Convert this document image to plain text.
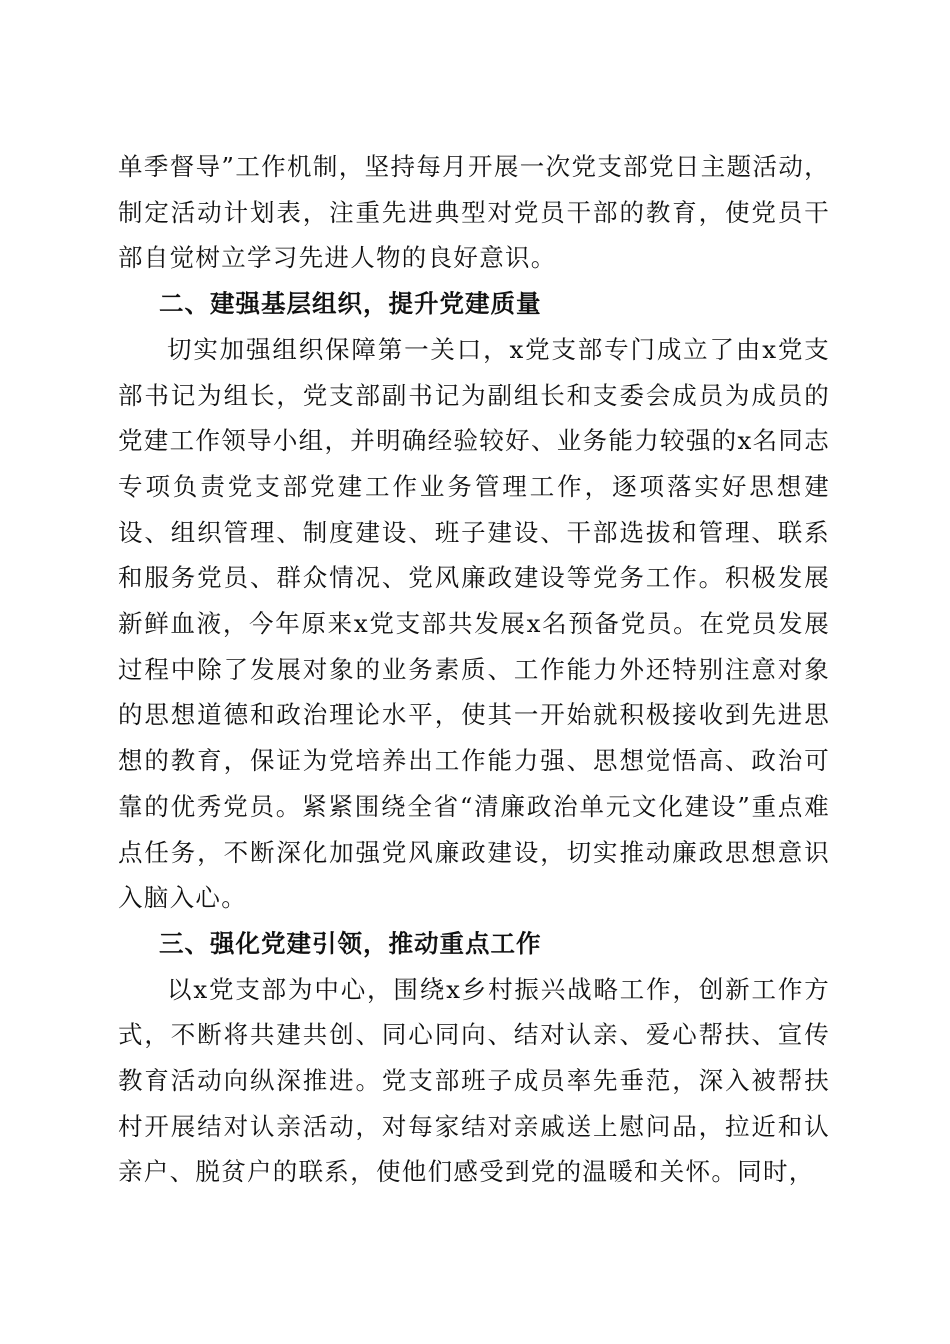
单季督导”工作机制，坚持每月开展一次党支部党日主题活动，制定活动计划表，注重先进典型对党员干部的教育，使党员干部自觉树立学习先进人物的良好意识。

二、建强基层组织，提升党建质量

切实加强组织保障第一关口，x党支部专门成立了由x党支部书记为组长，党支部副书记为副组长和支委会成员为成员的党建工作领导小组，并明确经验较好、业务能力较强的x名同志专项负责党支部党建工作业务管理工作，逐项落实好思想建设、组织管理、制度建设、班子建设、干部选拔和管理、联系和服务党员、群众情况、党风廉政建设等党务工作。积极发展新鲜血液，今年原来x党支部共发展x名预备党员。在党员发展过程中除了发展对象的业务素质、工作能力外还特别注意对象的思想道德和政治理论水平，使其一开始就积极接收到先进思想的教育，保证为党培养出工作能力强、思想觉悟高、政治可靠的优秀党员。紧紧围绕全省“清廉政治单元文化建设”重点难点任务，不断深化加强党风廉政建设，切实推动廉政思想意识入脑入心。

三、强化党建引领，推动重点工作

以x党支部为中心，围绕x乡村振兴战略工作，创新工作方式，不断将共建共创、同心同向、结对认亲、爱心帮扶、宣传教育活动向纵深推进。党支部班子成员率先垂范，深入被帮扶村开展结对认亲活动，对每家结对亲戚送上慰问品，拉近和认亲户、脱贫户的联系，使他们感受到党的温暖和关怀。同时，
